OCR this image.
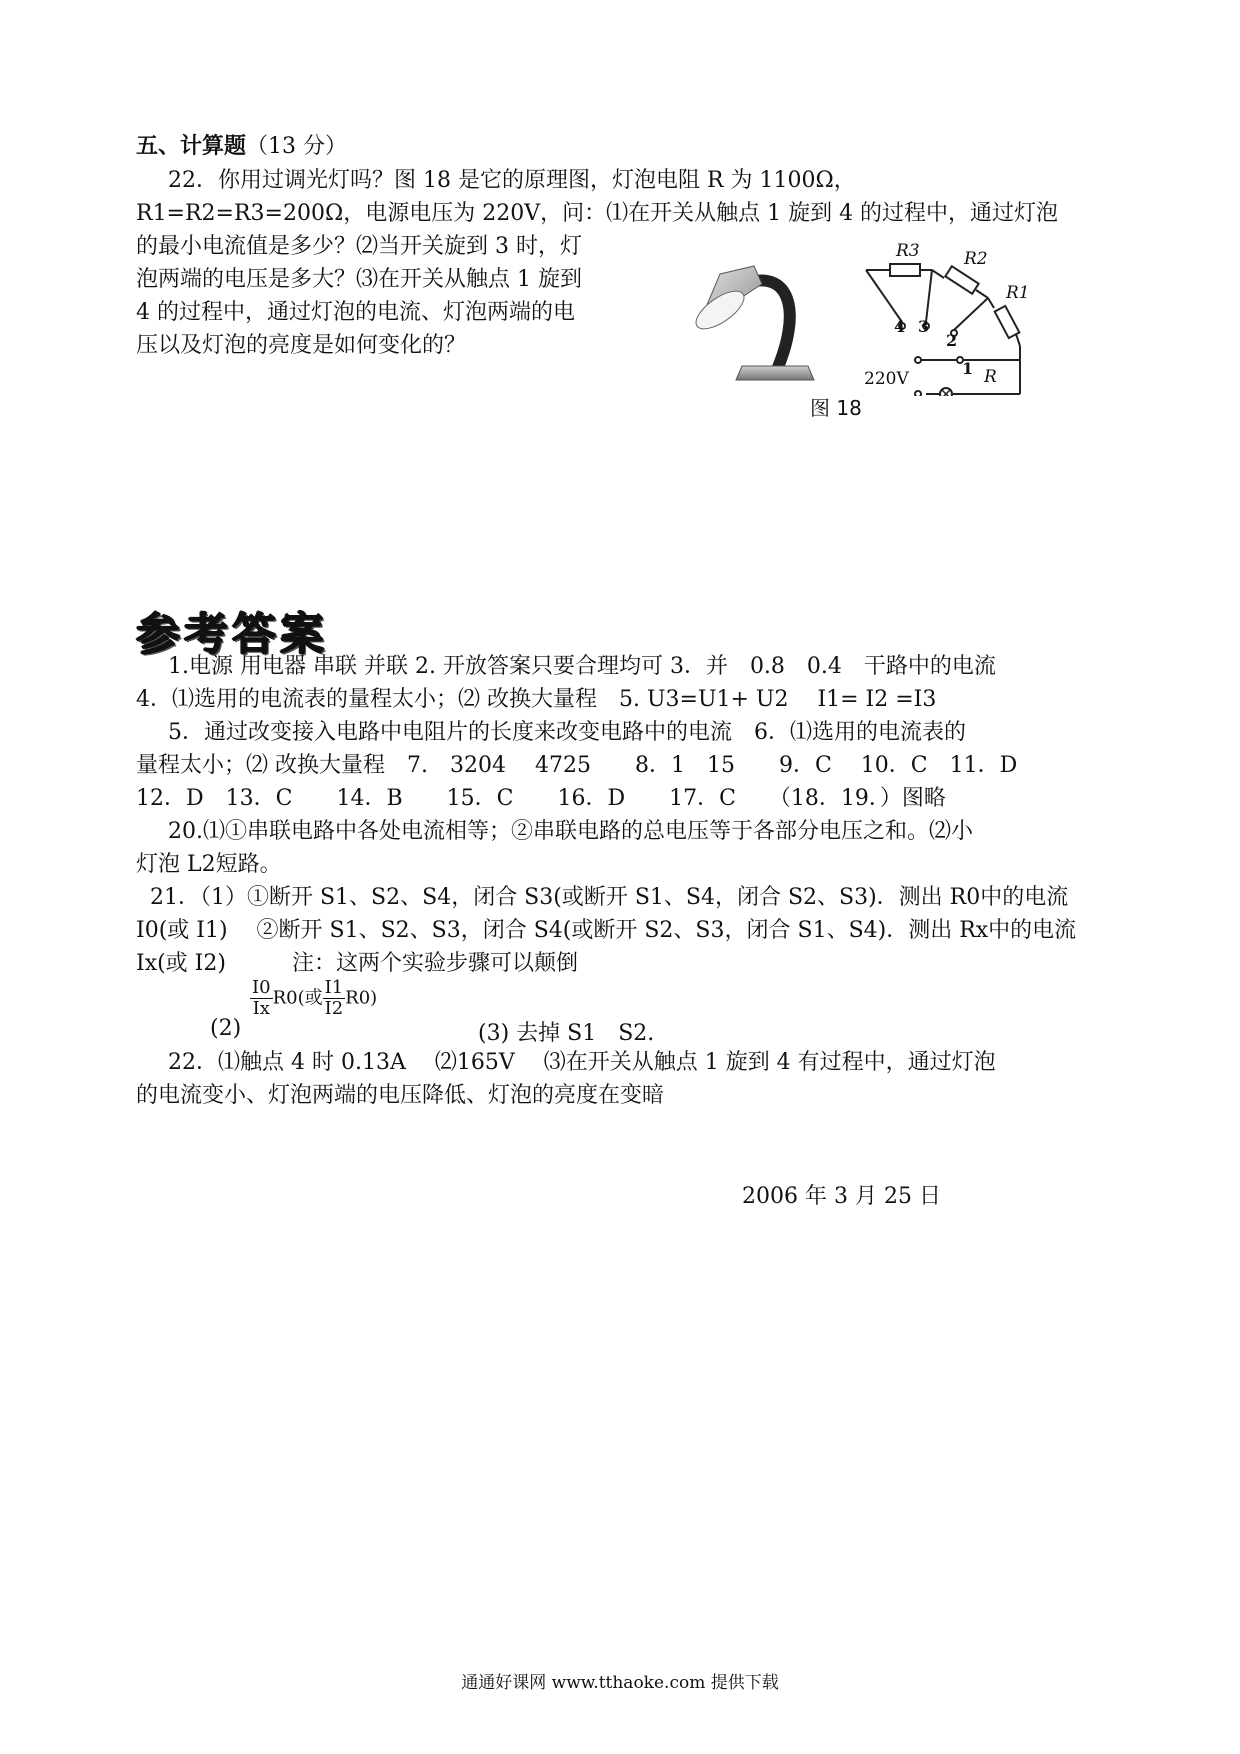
五、计算题（13 分）
22．你用过调光灯吗？图 18 是它的原理图，灯泡电阻 R 为 1100Ω，
R1=R2=R3=200Ω，电源电压为 220V，问：⑴在开关从触点 1 旋到 4 的过程中，通过灯泡
的最小电流值是多少？⑵当开关旋到 3 时，灯
泡两端的电压是多大？⑶在开关从触点 1 旋到
4 的过程中，通过灯泡的电流、灯泡两端的电
压以及灯泡的亮度是如何变化的？
R3	R2
R1
R
4 3
2
1
220V
图 18
参考答案
1.电源 用电器 串联 并联 2. 开放答案只要合理均可 3．并　0.8　0.4　干路中的电流
4．⑴选用的电流表的量程太小；⑵ 改换大量程　5. U3=U1+ U2　 I1= I2 =I3
5．通过改变接入电路中电阻片的长度来改变电路中的电流　6．⑴选用的电流表的
量程太小；⑵ 改换大量程　7.　3204　 4725　　8．1　15　　9．C　 10．C　11．D
12．D　13．C　　14．B　　15．C　　16．D　　17．C　　（18．19．）图略
20.⑴①串联电路中各处电流相等；②串联电路的总电压等于各部分电压之和。⑵小
灯泡 L2短路。
21．（1）①断开 S1、S2、S4，闭合 S3(或断开 S1、S4，闭合 S2、S3)．测出 R0中的电流
I0(或 I1)　 ②断开 S1、S2、S3，闭合 S4(或断开 S2、S3，闭合 S1、S4)．测出 Rx中的电流
Ix(或 I2)　　　注：这两个实验步骤可以颠倒
(2)
$\frac{I0}{Ix} R0$(或 $\frac{I1}{I2} R0$)
(3) 去掉 S1　S2.
22．⑴触点 4 时 0.13A　 ⑵165V　 ⑶在开关从触点 1 旋到 4 有过程中，通过灯泡
的电流变小、灯泡两端的电压降低、灯泡的亮度在变暗
2006 年 3 月 25 日
通通好课网 www.tthaoke.com 提供下载
